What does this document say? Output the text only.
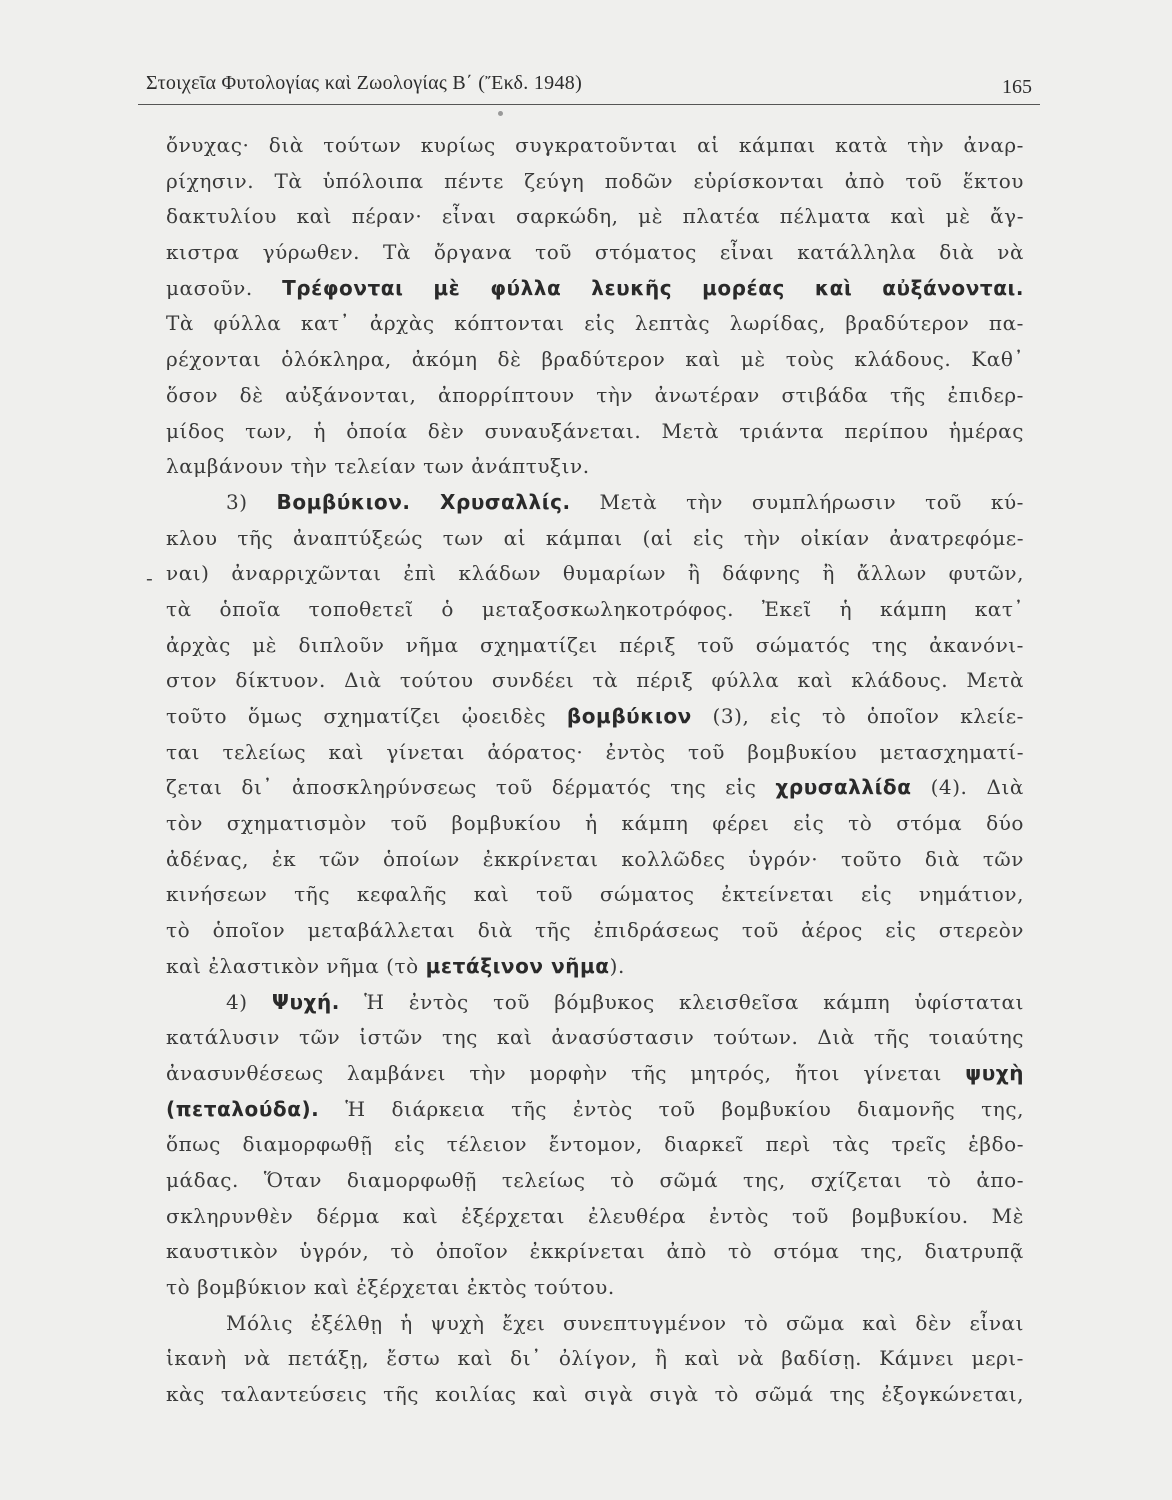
Στοιχεῖα Φυτολογίας καὶ Ζωολογίας Β΄ (Ἔκδ. 1948)	165
-
ὄνυχας· διὰ τούτων κυρίως συγκρατοῦνται αἱ κάμπαι κατὰ τὴν ἀναρ-
ρίχησιν. Τὰ ὑπόλοιπα πέντε ζεύγη ποδῶν εὑρίσκονται ἀπὸ τοῦ ἕκτου
δακτυλίου καὶ πέραν· εἶναι σαρκώδη, μὲ πλατέα πέλματα καὶ μὲ ἄγ-
κιστρα γύρωθεν. Τὰ ὄργανα τοῦ στόματος εἶναι κατάλληλα διὰ νὰ
μασοῦν. Τρέφονται μὲ φύλλα λευκῆς μορέας καὶ αὐξάνονται.
Τὰ φύλλα κατ᾿ ἀρχὰς κόπτονται εἰς λεπτὰς λωρίδας, βραδύτερον πα-
ρέχονται ὁλόκληρα, ἀκόμη δὲ βραδύτερον καὶ μὲ τοὺς κλάδους. Καθ᾿
ὅσον δὲ αὐξάνονται, ἀπορρίπτουν τὴν ἀνωτέραν στιβάδα τῆς ἐπιδερ-
μίδος των, ἡ ὁποία δὲν συναυξάνεται. Μετὰ τριάντα περίπου ἡμέρας
λαμβάνουν τὴν τελείαν των ἀνάπτυξιν.
3) Βομβύκιον. Χρυσαλλίς. Μετὰ τὴν συμπλήρωσιν τοῦ κύ-
κλου τῆς ἀναπτύξεώς των αἱ κάμπαι (αἱ εἰς τὴν οἰκίαν ἀνατρεφόμε-
ναι) ἀναρριχῶνται ἐπὶ κλάδων θυμαρίων ἢ δάφνης ἢ ἄλλων φυτῶν,
τὰ ὁποῖα τοποθετεῖ ὁ μεταξοσκωληκοτρόφος. Ἐκεῖ ἡ κάμπη κατ᾿
ἀρχὰς μὲ διπλοῦν νῆμα σχηματίζει πέριξ τοῦ σώματός της ἀκανόνι-
στον δίκτυον. Διὰ τούτου συνδέει τὰ πέριξ φύλλα καὶ κλάδους. Μετὰ
τοῦτο ὅμως σχηματίζει ᾠοειδὲς βομβύκιον (3), εἰς τὸ ὁποῖον κλείε-
ται τελείως καὶ γίνεται ἀόρατος· ἐντὸς τοῦ βομβυκίου μετασχηματί-
ζεται δι᾿ ἀποσκληρύνσεως τοῦ δέρματός της εἰς χρυσαλλίδα (4). Διὰ
τὸν σχηματισμὸν τοῦ βομβυκίου ἡ κάμπη φέρει εἰς τὸ στόμα δύο
ἀδένας, ἐκ τῶν ὁποίων ἐκκρίνεται κολλῶδες ὑγρόν· τοῦτο διὰ τῶν
κινήσεων τῆς κεφαλῆς καὶ τοῦ σώματος ἐκτείνεται εἰς νημάτιον,
τὸ ὁποῖον μεταβάλλεται διὰ τῆς ἐπιδράσεως τοῦ ἀέρος εἰς στερεὸν
καὶ ἐλαστικὸν νῆμα (τὸ μετάξινον νῆμα).
4) Ψυχή. Ἡ ἐντὸς τοῦ βόμβυκος κλεισθεῖσα κάμπη ὑφίσταται
κατάλυσιν τῶν ἱστῶν της καὶ ἀνασύστασιν τούτων. Διὰ τῆς τοιαύτης
ἀνασυνθέσεως λαμβάνει τὴν μορφὴν τῆς μητρός, ἤτοι γίνεται ψυχὴ
(πεταλούδα). Ἡ διάρκεια τῆς ἐντὸς τοῦ βομβυκίου διαμονῆς της,
ὅπως διαμορφωθῇ εἰς τέλειον ἔντομον, διαρκεῖ περὶ τὰς τρεῖς ἑβδο-
μάδας. Ὅταν διαμορφωθῇ τελείως τὸ σῶμά της, σχίζεται τὸ ἀπο-
σκληρυνθὲν δέρμα καὶ ἐξέρχεται ἐλευθέρα ἐντὸς τοῦ βομβυκίου. Μὲ
καυστικὸν ὑγρόν, τὸ ὁποῖον ἐκκρίνεται ἀπὸ τὸ στόμα της, διατρυπᾷ
τὸ βομβύκιον καὶ ἐξέρχεται ἐκτὸς τούτου.
Μόλις ἐξέλθῃ ἡ ψυχὴ ἔχει συνεπτυγμένον τὸ σῶμα καὶ δὲν εἶναι
ἱκανὴ νὰ πετάξῃ, ἔστω καὶ δι᾿ ὀλίγον, ἢ καὶ νὰ βαδίσῃ. Κάμνει μερι-
κὰς ταλαντεύσεις τῆς κοιλίας καὶ σιγὰ σιγὰ τὸ σῶμά της ἐξογκώνεται,
